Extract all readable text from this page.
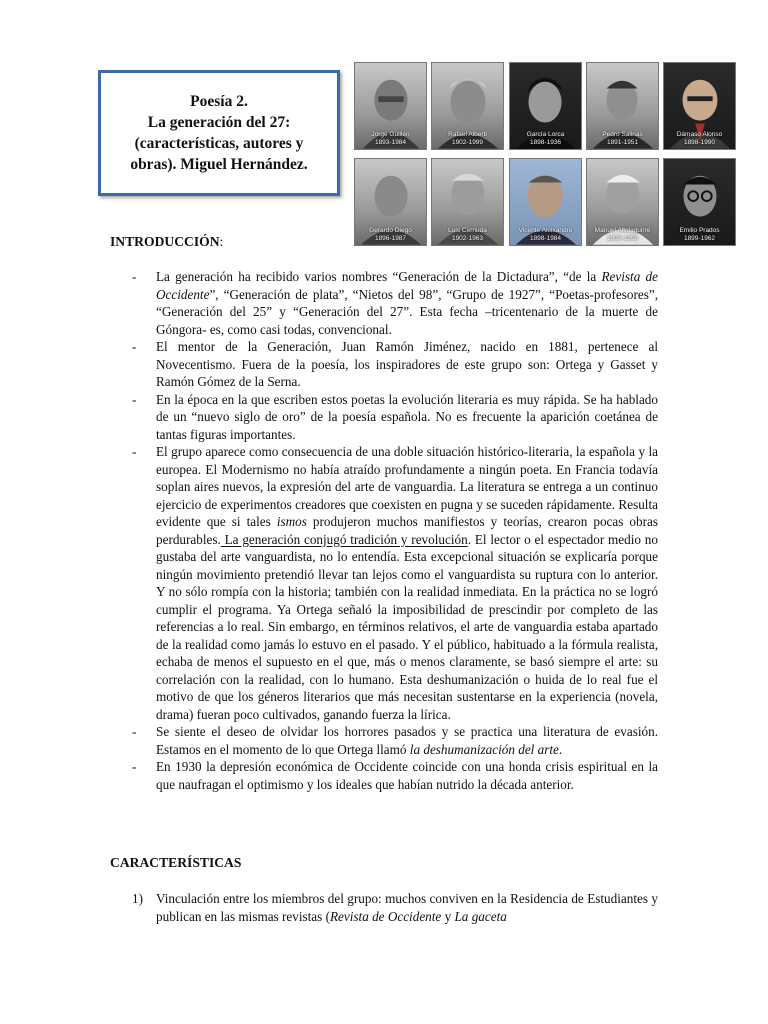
Poesía 2.
La generación del 27:
(características, autores y
obras). Miguel Hernández.
Jorge Guillén
1893-1984
Rafael Alberti
1902-1999
García Lorca
1898-1936
Pedro Salinas
1891-1951
Dámaso Alonso
1898-1990
Gerardo Diego
1896-1987
Luis Cernuda
1902-1963
Vicente Aleixandre
1898-1984
Manuel Altolaguirre
1905-1959
Emilio Prados
1899-1962
INTRODUCCIÓN:
- La generación ha recibido varios nombres “Generación de la Dictadura”, “de la Revista de Occidente”, “Generación de plata”, “Nietos del 98”, “Grupo de 1927”, “Poetas-profesores”, “Generación del 25” y “Generación del 27”. Esta fecha –tricentenario de la muerte de Góngora- es, como casi todas, convencional.
- El mentor de la Generación, Juan Ramón Jiménez, nacido en 1881, pertenece al Novecentismo. Fuera de la poesía, los inspiradores de este grupo son: Ortega y Gasset y Ramón Gómez de la Serna.
- En la época en la que escriben estos poetas la evolución literaria es muy rápida. Se ha hablado de un “nuevo siglo de oro” de la poesía española. No es frecuente la aparición coetánea de tantas figuras importantes.
- El grupo aparece como consecuencia de una doble situación histórico-literaria, la española y la europea. El Modernismo no había atraído profundamente a ningún poeta. En Francia todavía soplan aires nuevos, la expresión del arte de vanguardia. La literatura se entrega a un continuo ejercicio de experimentos creadores que coexisten en pugna y se suceden rápidamente. Resulta evidente que si tales ismos produjeron muchos manifiestos y teorías, crearon pocas obras perdurables. La generación conjugó tradición y revolución. El lector o el espectador medio no gustaba del arte vanguardista, no lo entendía. Esta excepcional situación se explicaría porque ningún movimiento pretendió llevar tan lejos como el vanguardista su ruptura con lo anterior. Y no sólo rompía con la historia; también con la realidad inmediata. En la práctica no se logró cumplir el programa. Ya Ortega señaló la imposibilidad de prescindir por completo de las referencias a lo real. Sin embargo, en términos relativos, el arte de vanguardia estaba apartado de la realidad como jamás lo estuvo en el pasado. Y el público, habituado a la fórmula realista, echaba de menos el supuesto en el que, más o menos claramente, se basó siempre el arte: su correlación con la realidad, con lo humano. Esta deshumanización o huida de lo real fue el motivo de que los géneros literarios que más necesitan sustentarse en la experiencia (novela, drama) fueran poco cultivados, ganando fuerza la lírica.
- Se siente el deseo de olvidar los horrores pasados y se practica una literatura de evasión. Estamos en el momento de lo que Ortega llamó la deshumanización del arte.
- En 1930 la depresión económica de Occidente coincide con una honda crisis espiritual en la que naufragan el optimismo y los ideales que habían nutrido la década anterior.
CARACTERÍSTICAS
1) Vinculación entre los miembros del grupo: muchos conviven en la Residencia de Estudiantes y publican en las mismas revistas (Revista de Occidente y La gaceta
